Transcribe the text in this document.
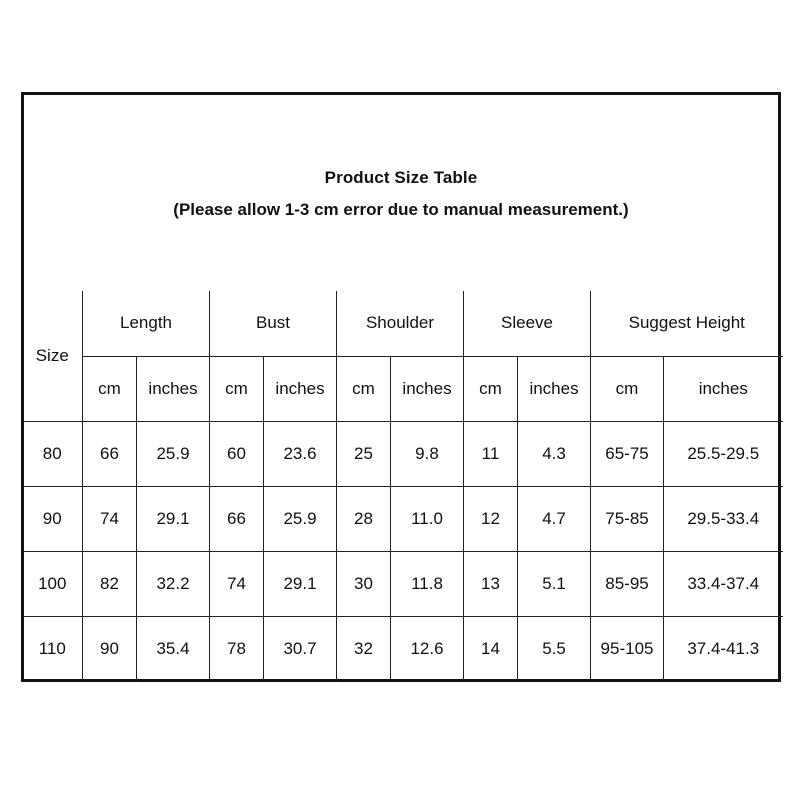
Product Size Table
(Please allow 1-3 cm error due to manual measurement.)
Size	Length		Bust		Shoulder		Sleeve		Suggest Height	
	cm	inches	cm	inches	cm	inches	cm	inches	cm	inches
80	66	25.9	60	23.6	25	9.8	11	4.3	65-75	25.5-29.5
90	74	29.1	66	25.9	28	11.0	12	4.7	75-85	29.5-33.4
100	82	32.2	74	29.1	30	11.8	13	5.1	85-95	33.4-37.4
110	90	35.4	78	30.7	32	12.6	14	5.5	95-105	37.4-41.3
